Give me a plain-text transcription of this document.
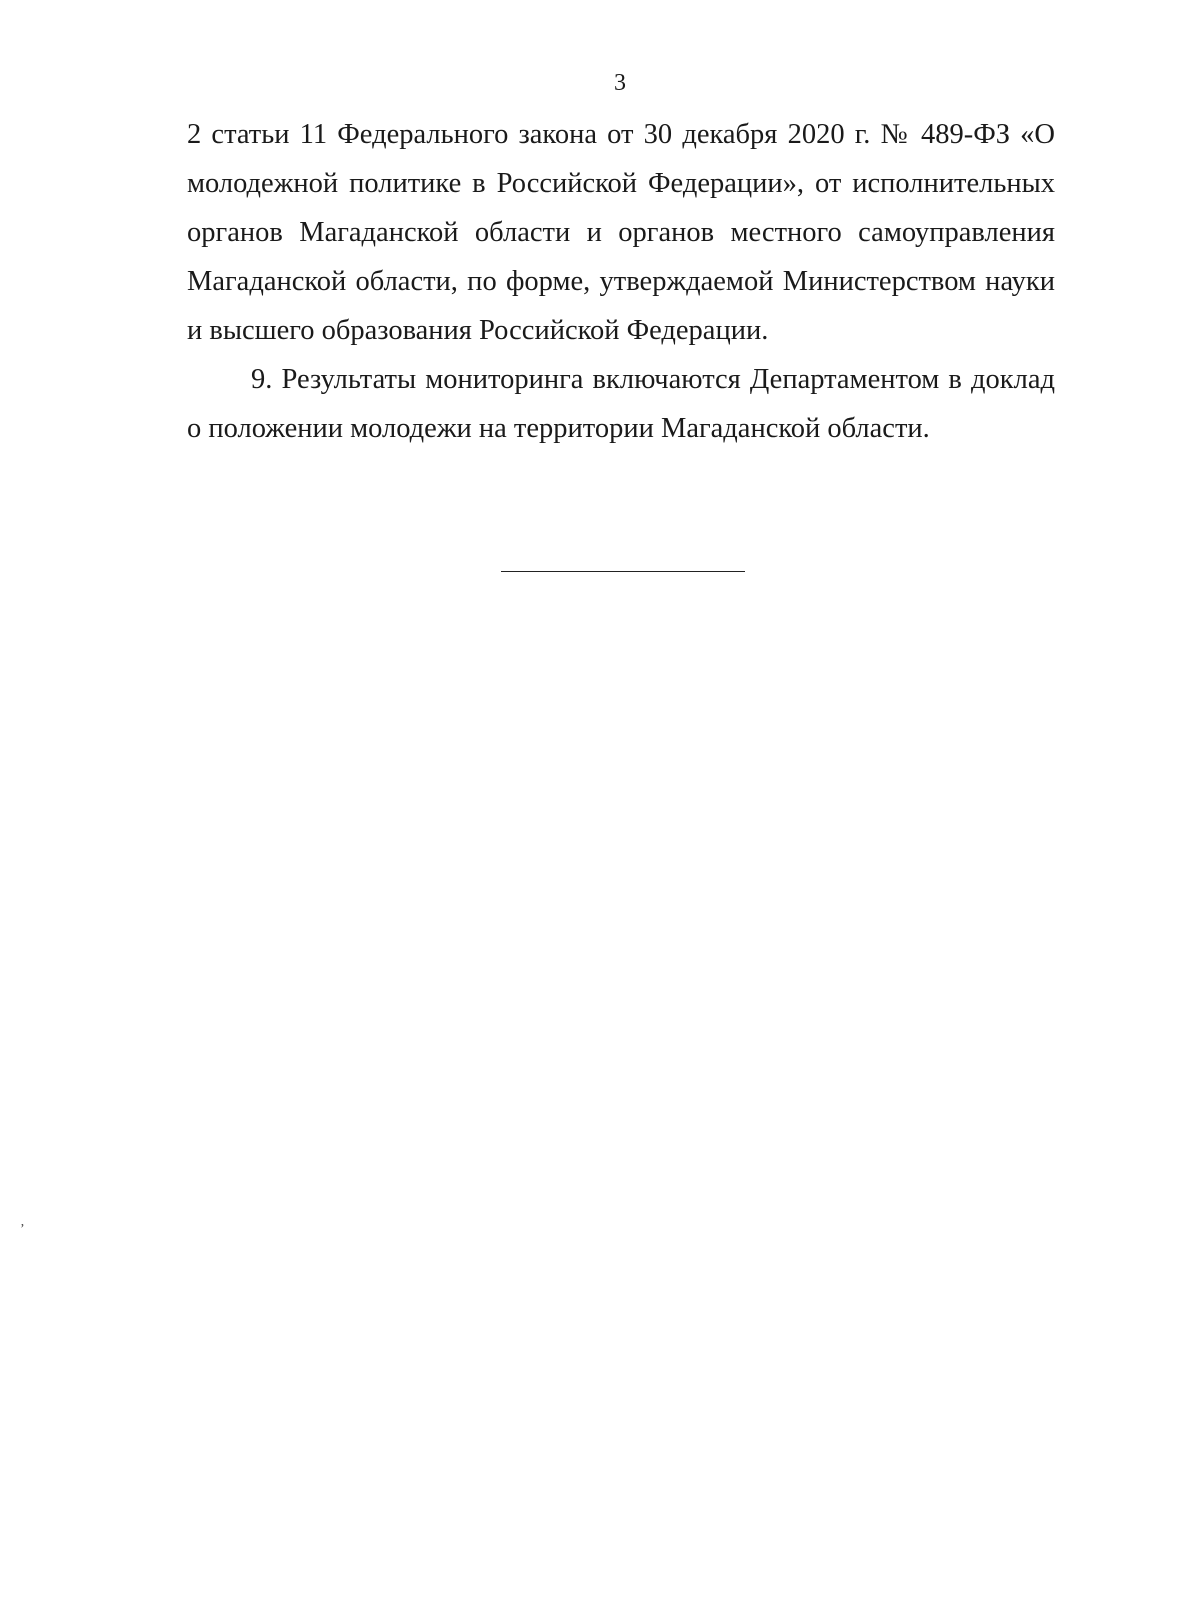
3

2 статьи 11 Федерального закона от 30 декабря 2020 г. № 489-ФЗ «О молодежной политике в Российской Федерации», от исполнительных органов Магаданской области и органов местного самоуправления Магаданской области, по форме, утверждаемой Министерством науки и высшего образования Российской Федерации.

9. Результаты мониторинга включаются Департаментом в доклад о положении молодежи на территории Магаданской области.

ʼ
